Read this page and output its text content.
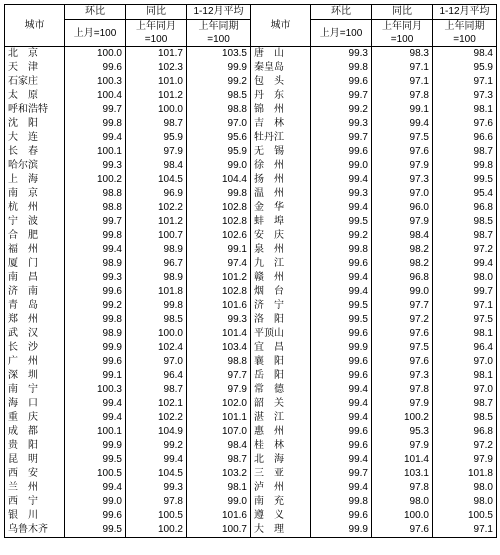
城市	环比	同比	1-12月平均	城市	环比	同比	1-12月平均
	上月=100	上年同月	上年同期		上月=100	上年同月	上年同期
		=100	=100			=100	=100
北　京	100.0	101.7	103.5	唐　山	99.3	98.3	98.4
天　津	99.6	102.3	99.9	秦皇岛	99.8	97.1	95.9
石家庄	100.3	101.0	99.2	包　头	99.6	97.1	97.1
太　原	100.4	101.2	98.5	丹　东	99.7	97.8	97.3
呼和浩特	99.7	100.0	98.8	锦　州	99.2	99.1	98.1
沈　阳	99.8	98.7	97.0	吉　林	99.3	99.4	97.6
大　连	99.4	95.9	95.6	牡丹江	99.7	97.5	96.6
长　春	100.1	97.9	95.9	无　锡	99.6	97.6	98.7
哈尔滨	99.3	98.4	99.0	徐　州	99.0	97.9	99.8
上　海	100.2	104.5	104.4	扬　州	99.4	97.3	99.5
南　京	98.8	96.9	99.8	温　州	99.3	97.0	95.4
杭　州	98.8	102.2	102.8	金　华	99.4	96.0	96.8
宁　波	99.7	101.2	102.8	蚌　埠	99.5	97.9	98.5
合　肥	99.8	100.7	102.6	安　庆	99.2	98.4	98.7
福　州	99.4	98.9	99.1	泉　州	99.8	98.2	97.2
厦　门	98.9	96.7	97.4	九　江	99.6	98.2	99.4
南　昌	99.3	98.9	101.2	赣　州	99.4	96.8	98.0
济　南	99.6	101.8	102.8	烟　台	99.4	99.0	99.7
青　岛	99.2	99.8	101.6	济　宁	99.5	97.7	97.1
郑　州	99.8	98.5	99.3	洛　阳	99.5	97.2	97.5
武　汉	98.9	100.0	101.4	平顶山	99.6	97.6	98.1
长　沙	99.9	102.4	103.4	宜　昌	99.9	97.5	96.4
广　州	99.6	97.0	98.8	襄　阳	99.6	97.6	97.0
深　圳	99.1	96.4	97.7	岳　阳	99.6	97.3	98.1
南　宁	100.3	98.7	97.9	常　德	99.4	97.8	97.0
海　口	99.4	102.1	102.0	韶　关	99.4	97.9	98.7
重　庆	99.4	102.2	101.1	湛　江	99.4	100.2	98.5
成　都	100.1	104.9	107.0	惠　州	99.6	95.3	96.8
贵　阳	99.9	99.2	98.4	桂　林	99.6	97.9	97.2
昆　明	99.5	99.4	98.7	北　海	99.4	101.4	97.9
西　安	100.5	104.5	103.2	三　亚	99.7	103.1	101.8
兰　州	99.4	99.3	98.1	泸　州	99.4	97.8	98.0
西　宁	99.0	97.8	99.0	南　充	99.8	98.0	98.0
银　川	99.6	100.5	101.6	遵　义	99.6	100.0	100.5
乌鲁木齐	99.5	100.2	100.7	大　理	99.9	97.6	97.1
